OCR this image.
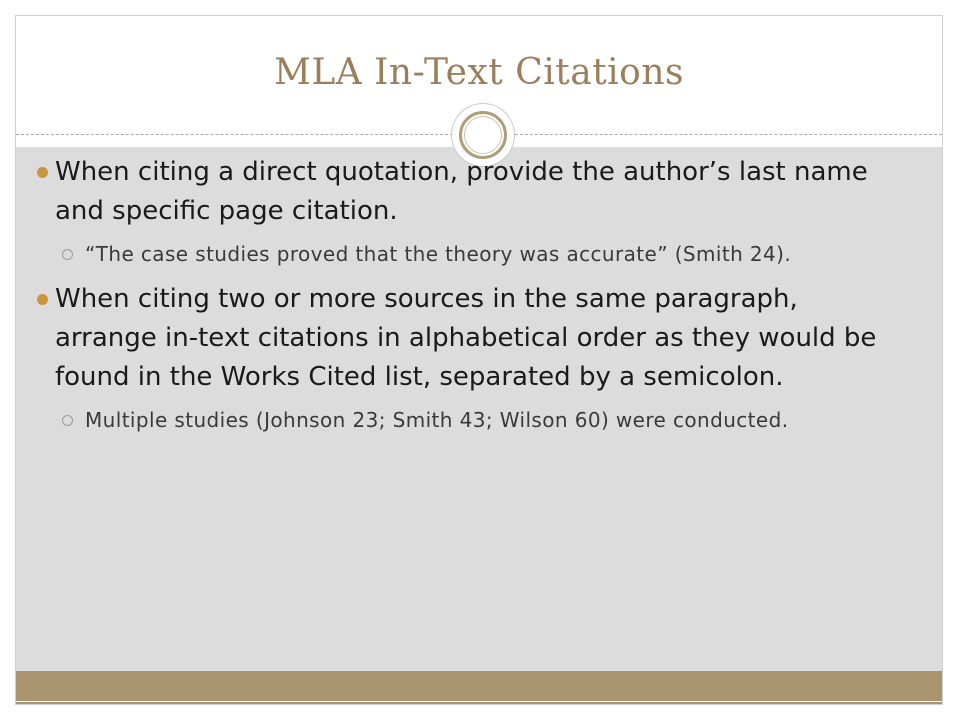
MLA In-Text Citations
When citing a direct quotation, provide the author’s last name and specific page citation.
“The case studies proved that the theory was accurate” (Smith 24).
When citing two or more sources in the same paragraph, arrange in-text citations in alphabetical order as they would be found in the Works Cited list, separated by a semicolon.
Multiple studies (Johnson 23; Smith 43; Wilson 60) were conducted.
